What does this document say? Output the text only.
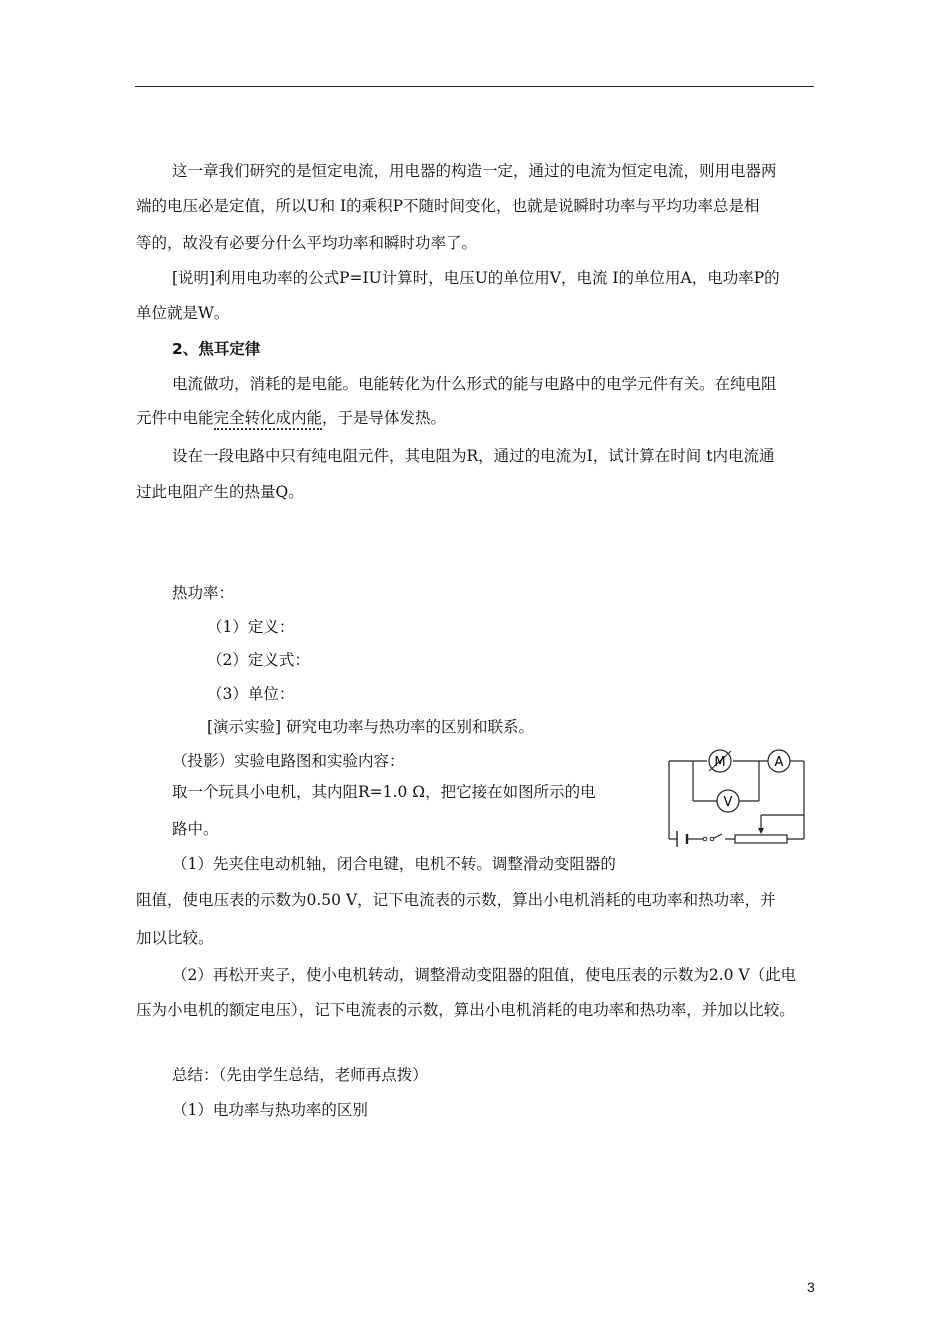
这一章我们研究的是恒定电流，用电器的构造一定，通过的电流为恒定电流，则用电器两
端的电压必是定值，所以U和 I的乘积P不随时间变化，也就是说瞬时功率与平均功率总是相
等的，故没有必要分什么平均功率和瞬时功率了。
[说明]利用电功率的公式P=IU计算时，电压U的单位用V，电流 I的单位用A，电功率P的
单位就是W。
2、焦耳定律
电流做功，消耗的是电能。电能转化为什么形式的能与电路中的电学元件有关。在纯电阻
元件中电能完全转化成内能，于是导体发热。
设在一段电路中只有纯电阻元件，其电阻为R，通过的电流为I，试计算在时间 t内电流通
过此电阻产生的热量Q。
热功率：
（1）定义：
（2）定义式：
（3）单位：
[演示实验] 研究电功率与热功率的区别和联系。
（投影）实验电路图和实验内容：
取一个玩具小电机，其内阻R=1.0 Ω，把它接在如图所示的电
路中。
（1）先夹住电动机轴，闭合电键，电机不转。调整滑动变阻器的
阻值，使电压表的示数为0.50 V，记下电流表的示数，算出小电机消耗的电功率和热功率，并
加以比较。
（2）再松开夹子，使小电机转动，调整滑动变阻器的阻值，使电压表的示数为2.0 V（此电
压为小电机的额定电压），记下电流表的示数，算出小电机消耗的电功率和热功率，并加以比较。
总结：（先由学生总结，老师再点拨）
（1）电功率与热功率的区别
M	A
V
3
